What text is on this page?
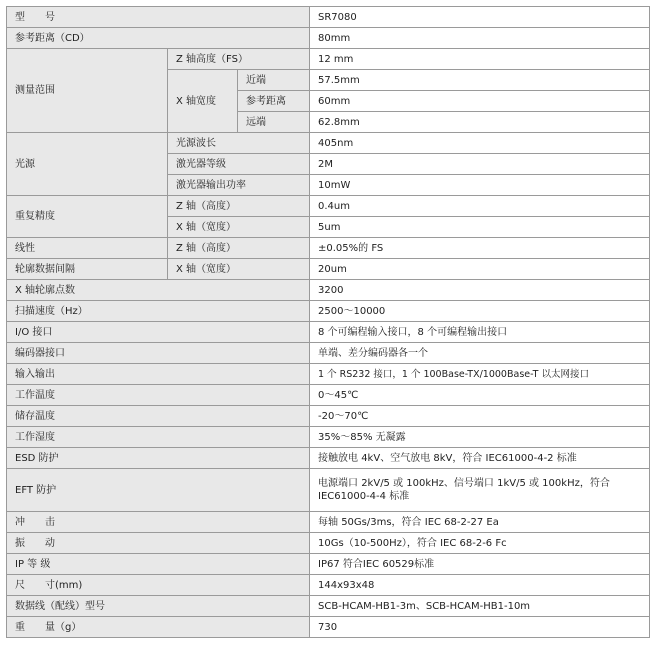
型　　号			SR7080
参考距离（CD）			80mm
测量范围	Z 轴高度（FS）		12 mm
	X 轴宽度	近端	57.5mm
		参考距离	60mm
		远端	62.8mm
光源	光源波长		405nm
	激光器等级		2M
	激光器输出功率		10mW
重复精度	Z 轴（高度）		0.4um
	X 轴（宽度）		5um
线性	Z 轴（高度）		±0.05%的 FS
轮廓数据间隔	X 轴（宽度）		20um
X 轴轮廓点数			3200
扫描速度（Hz）			2500～10000
I/O 接口			8 个可编程输入接口，8 个可编程输出接口
编码器接口			单端、差分编码器各一个
输入输出			1 个 RS232 接口，1 个 100Base-TX/1000Base-T 以太网接口
工作温度			0～45℃
储存温度			-20～70℃
工作湿度			35%～85% 无凝露
ESD 防护			接触放电 4kV、空气放电 8kV，符合 IEC61000-4-2 标准
EFT 防护			电源端口 2kV/5 或 100kHz、信号端口 1kV/5 或 100kHz，符合 IEC61000-4-4 标准
冲　　击			每轴 50Gs/3ms，符合 IEC 68-2-27 Ea
振　　动			10Gs（10-500Hz），符合 IEC 68-2-6 Fc
IP 等 级			IP67 符合IEC 60529标准
尺　　寸(mm)			144x93x48
数据线（配线）型号			SCB-HCAM-HB1-3m、SCB-HCAM-HB1-10m
重　　量（g）			730
